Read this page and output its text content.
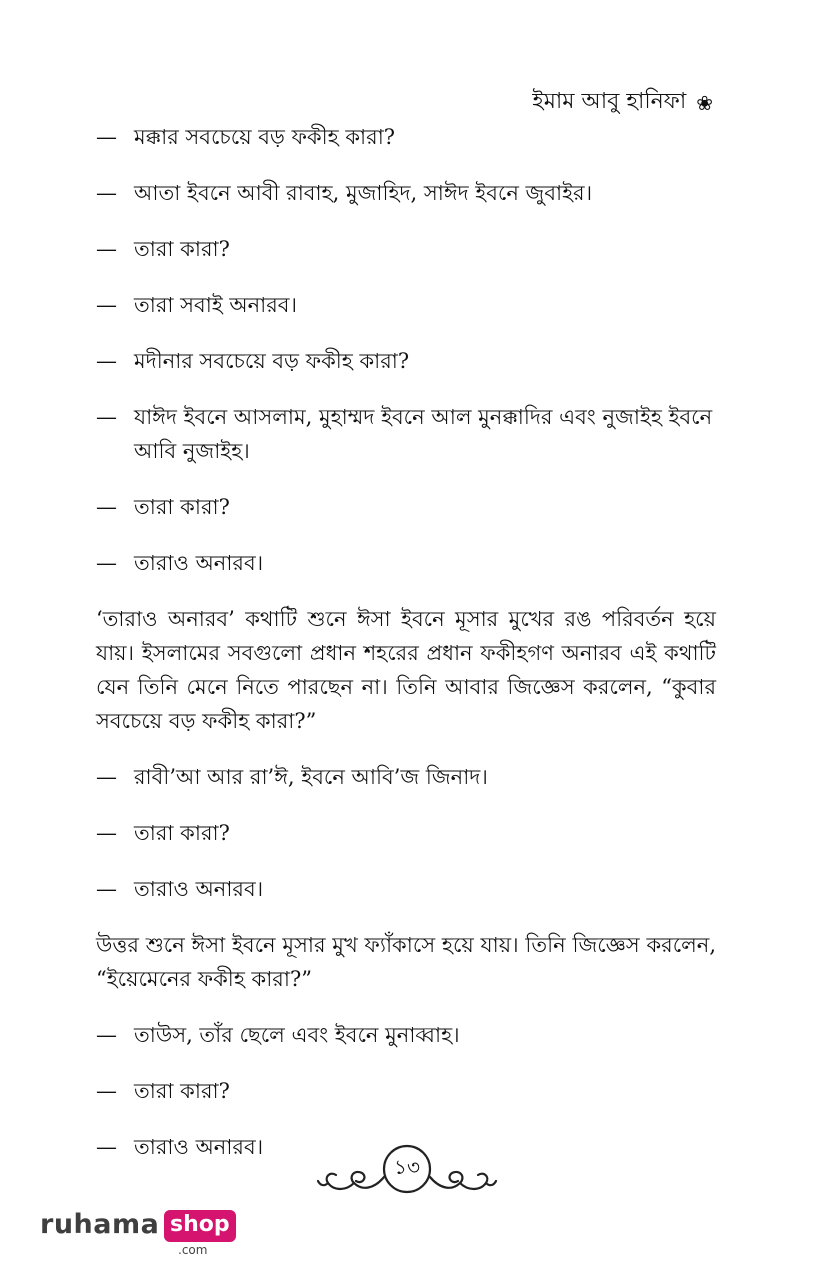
ইমাম আবু হানিফা ❀
— মক্কার সবচেয়ে বড় ফকীহ কারা?
— আতা ইবনে আবী রাবাহ, মুজাহিদ, সাঈদ ইবনে জুবাইর।
— তারা কারা?
— তারা সবাই অনারব।
— মদীনার সবচেয়ে বড় ফকীহ কারা?
— যাঈদ ইবনে আসলাম, মুহাম্মদ ইবনে আল মুনক্কাদির এবং নুজাইহ ইবনে আবি নুজাইহ।
— তারা কারা?
— তারাও অনারব।

‘তারাও অনারব’ কথাটি শুনে ঈসা ইবনে মূসার মুখের রঙ পরিবর্তন হয়ে যায়। ইসলামের সবগুলো প্রধান শহরের প্রধান ফকীহগণ অনারব এই কথাটি যেন তিনি মেনে নিতে পারছেন না। তিনি আবার জিজ্ঞেস করলেন, “কুবার সবচেয়ে বড় ফকীহ কারা?”

— রাবী’আ আর রা’ঈ, ইবনে আবি’জ জিনাদ।
— তারা কারা?
— তারাও অনারব।

উত্তর শুনে ঈসা ইবনে মূসার মুখ ফ্যাঁকাসে হয়ে যায়। তিনি জিজ্ঞেস করলেন, “ইয়েমেনের ফকীহ কারা?”

— তাউস, তাঁর ছেলে এবং ইবনে মুনাব্বাহ।
— তারা কারা?
— তারাও অনারব।
১৩
ruhama shop
.com
